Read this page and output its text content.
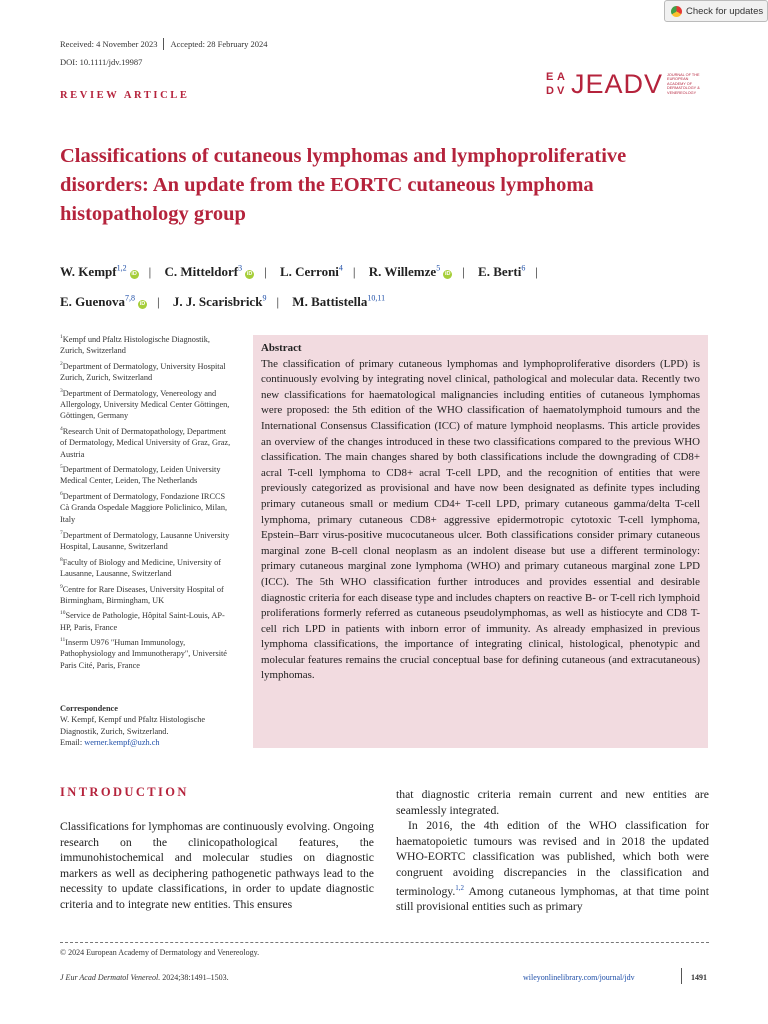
Check for updates
Received: 4 November 2023 Accepted: 28 February 2024
DOI: 10.1111/jdv.19987
E A
D V JEADV JOURNAL OF THE EUROPEAN ACADEMY OF DERMATOLOGY & VENEREOLOGY
REVIEW ARTICLE
Classifications of cutaneous lymphomas and lymphoproliferative disorders: An update from the EORTC cutaneous lymphoma histopathology group
W. Kempf$^{1,2}$iD | C. Mitteldorf$^3$iD | L. Cerroni$^4$ | R. Willemze$^5$iD | E. Berti$^6$ |
E. Guenova$^{7,8}$iD | J. J. Scarisbrick$^9$ | M. Battistella$^{10,11}$
$^1$Kempf und Pfaltz Histologische Diagnostik, Zurich, Switzerland
$^2$Department of Dermatology, University Hospital Zurich, Zurich, Switzerland
$^3$Department of Dermatology, Venereology and Allergology, University Medical Center Göttingen, Göttingen, Germany
$^4$Research Unit of Dermatopathology, Department of Dermatology, Medical University of Graz, Graz, Austria
$^5$Department of Dermatology, Leiden University Medical Center, Leiden, The Netherlands
$^6$Department of Dermatology, Fondazione IRCCS Cà Granda Ospedale Maggiore Policlinico, Milan, Italy
$^7$Department of Dermatology, Lausanne University Hospital, Lausanne, Switzerland
$^8$Faculty of Biology and Medicine, University of Lausanne, Lausanne, Switzerland
$^9$Centre for Rare Diseases, University Hospital of Birmingham, Birmingham, UK
$^{10}$Service de Pathologie, Hôpital Saint-Louis, AP-HP, Paris, France
$^{11}$Inserm U976 "Human Immunology, Pathophysiology and Immunotherapy", Université Paris Cité, Paris, France
Correspondence
W. Kempf, Kempf und Pfaltz Histologische Diagnostik, Zurich, Switzerland.
Email: werner.kempf@uzh.ch
Abstract
The classification of primary cutaneous lymphomas and lymphoproliferative disorders (LPD) is continuously evolving by integrating novel clinical, pathological and molecular data. Recently two new classifications for haematological malignancies including entities of cutaneous lymphomas were proposed: the 5th edition of the WHO classification of haematolymphoid tumours and the International Consensus Classification (ICC) of mature lymphoid neoplasms. This article provides an overview of the changes introduced in these two classifications compared to the previous WHO classification. The main changes shared by both classifications include the downgrading of CD8+ acral T-cell lymphoma to CD8+ acral T-cell LPD, and the recognition of entities that were previously categorized as provisional and have now been designated as definite types including primary cutaneous small or medium CD4+ T-cell LPD, primary cutaneous gamma/delta T-cell lymphoma, primary cutaneous CD8+ aggressive epidermotropic cytotoxic T-cell lymphoma, Epstein–Barr virus-positive mucocutaneous ulcer. Both classifications consider primary cutaneous marginal zone B-cell clonal neoplasm as an indolent disease but use a different terminology: primary cutaneous marginal zone lymphoma (WHO) and primary cutaneous marginal zone LPD (ICC). The 5th WHO classification further introduces and provides essential and desirable diagnostic criteria for each disease type and includes chapters on reactive B- or T-cell rich lymphoid proliferations formerly referred as cutaneous pseudolymphomas, as well as histiocyte and CD8 T-cell rich LPD in patients with inborn error of immunity. As already emphasized in previous lymphoma classifications, the importance of integrating clinical, histological, phenotypic and molecular features remains the crucial conceptual base for defining cutaneous (and extracutaneous) lymphomas.
INTRODUCTION
Classifications for lymphomas are continuously evolving. Ongoing research on the clinicopathological features, the immunohistochemical and molecular studies on diagnostic markers as well as deciphering pathogenetic pathways lead to the necessity to update classifications, in order to update diagnostic criteria and to integrate new entities. This ensures
that diagnostic criteria remain current and new entities are seamlessly integrated.
In 2016, the 4th edition of the WHO classification for haematopoietic tumours was revised and in 2018 the updated WHO-EORTC classification was published, which both were congruent avoiding discrepancies in the classification and terminology.$^{1,2}$ Among cutaneous lymphomas, at that time point still provisional entities such as primary
© 2024 European Academy of Dermatology and Venereology.
J Eur Acad Dermatol Venereol. 2024;38:1491–1503.	wileyonlinelibrary.com/journal/jdv	1491
